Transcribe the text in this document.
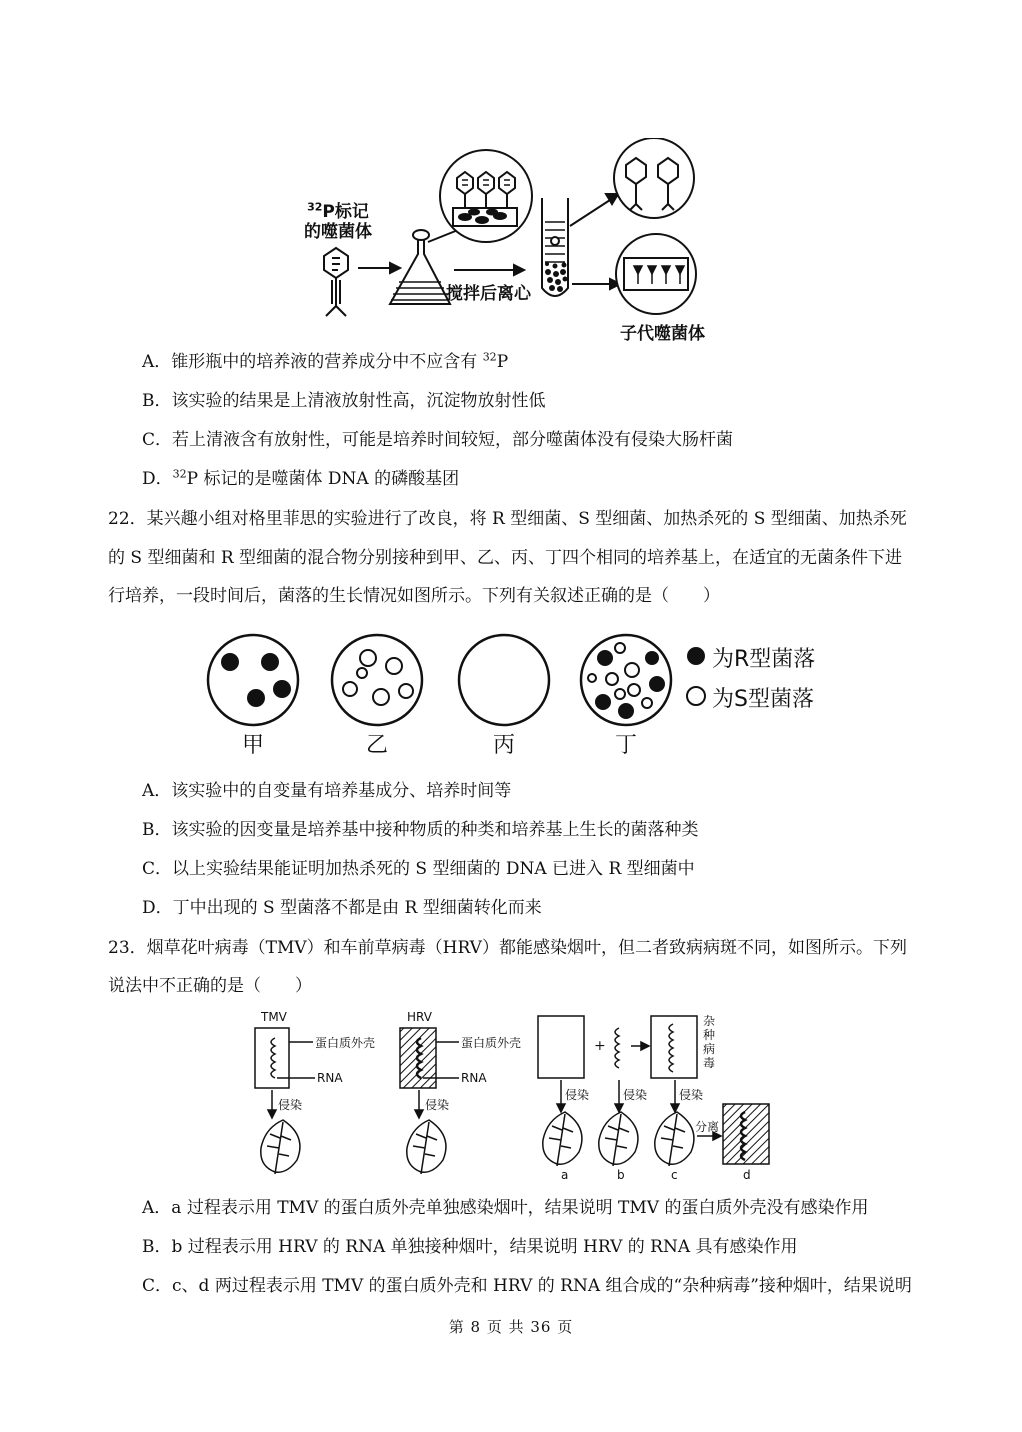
$^{32}$P标记
的噬菌体
搅拌后离心
子代噬菌体
A．锥形瓶中的培养液的营养成分中不应含有 $^{32}$P
B．该实验的结果是上清液放射性高，沉淀物放射性低
C．若上清液含有放射性，可能是培养时间较短，部分噬菌体没有侵染大肠杆菌
D．$^{32}$P 标记的是噬菌体 DNA 的磷酸基团
22．某兴趣小组对格里菲思的实验进行了改良，将 R 型细菌、S 型细菌、加热杀死的 S 型细菌、加热杀死
的 S 型细菌和 R 型细菌的混合物分别接种到甲、乙、丙、丁四个相同的培养基上，在适宜的无菌条件下进
行培养，一段时间后，菌落的生长情况如图所示。下列有关叙述正确的是（　　）
为R型菌落
为S型菌落
甲	乙	丙	丁
A．该实验中的自变量有培养基成分、培养时间等
B．该实验的因变量是培养基中接种物质的种类和培养基上生长的菌落种类
C．以上实验结果能证明加热杀死的 S 型细菌的 DNA 已进入 R 型细菌中
D．丁中出现的 S 型菌落不都是由 R 型细菌转化而来
23．烟草花叶病毒（TMV）和车前草病毒（HRV）都能感染烟叶，但二者致病病斑不同，如图所示。下列
说法中不正确的是（　　）
+
TMV	HRV
蛋白质外壳
RNA
蛋白质外壳
RNA
侵染	侵染
侵染	侵染	侵染
杂
种
病
毒
分离
a	b	c	d
A．a 过程表示用 TMV 的蛋白质外壳单独感染烟叶，结果说明 TMV 的蛋白质外壳没有感染作用
B．b 过程表示用 HRV 的 RNA 单独接种烟叶，结果说明 HRV 的 RNA 具有感染作用
C．c、d 两过程表示用 TMV 的蛋白质外壳和 HRV 的 RNA 组合成的“杂种病毒”接种烟叶，结果说明
第 8 页 共 36 页
